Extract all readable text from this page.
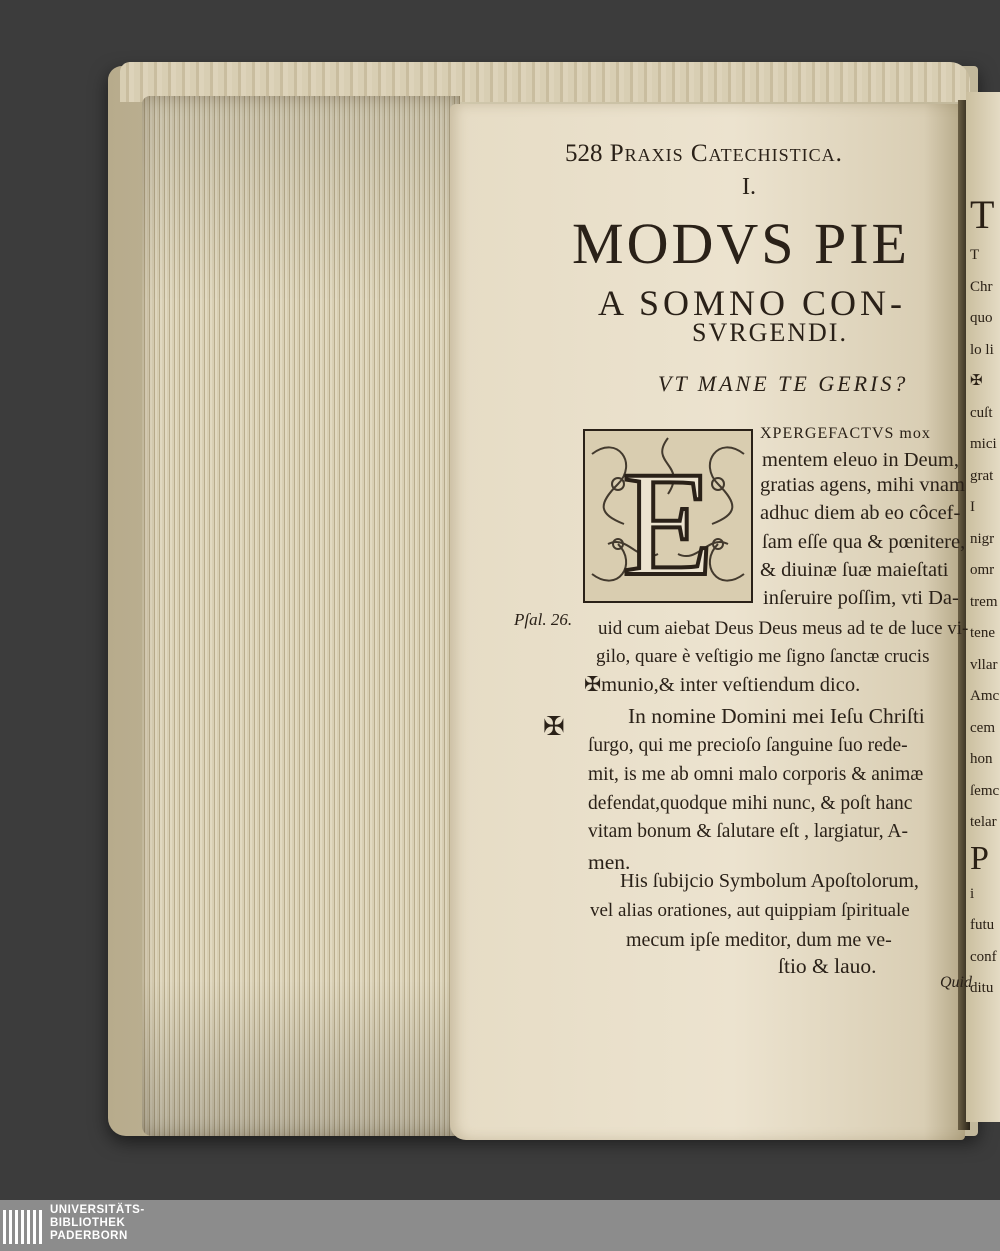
T
T
Chr
quo
lo li
✠
cuſt
mici
grat
I
nigr
omr
trem
tene
vllar
Amc
cem
hon
ſemc
telar
P
i
futu
conf
ditu
528 Praxis Catechistica.
I.
MODVS PIE
A SOMNO CON-
SVRGENDI.
VT MANE TE GERIS?
E
XPERGEFACTVS mox
mentem eleuo in Deum,
gratias agens, mihi vnam
adhuc diem ab eo côcef-
ſam eſſe qua & pœnitere,
& diuinæ ſuæ maieſtati
inſeruire poſſim, vti Da-
uid cum aiebat Deus Deus meus ad te de luce vi-
gilo, quare è veſtigio me ſigno ſanctæ crucis
✠munio,& inter veſtiendum dico.
In nomine Domini mei Ieſu Chriſti
ſurgo, qui me precioſo ſanguine ſuo rede-
mit, is me ab omni malo corporis & animæ
defendat,quodque mihi nunc, & poſt hanc
vitam bonum & ſalutare eſt , largiatur, A-
men.
His ſubijcio Symbolum Apoſtolorum,
vel alias orationes, aut quippiam ſpirituale
mecum ipſe meditor, dum me ve-
ſtio & lauo.
Quid
Pſal. 26.
✠
UNIVERSITÄTS-
BIBLIOTHEK
PADERBORN
